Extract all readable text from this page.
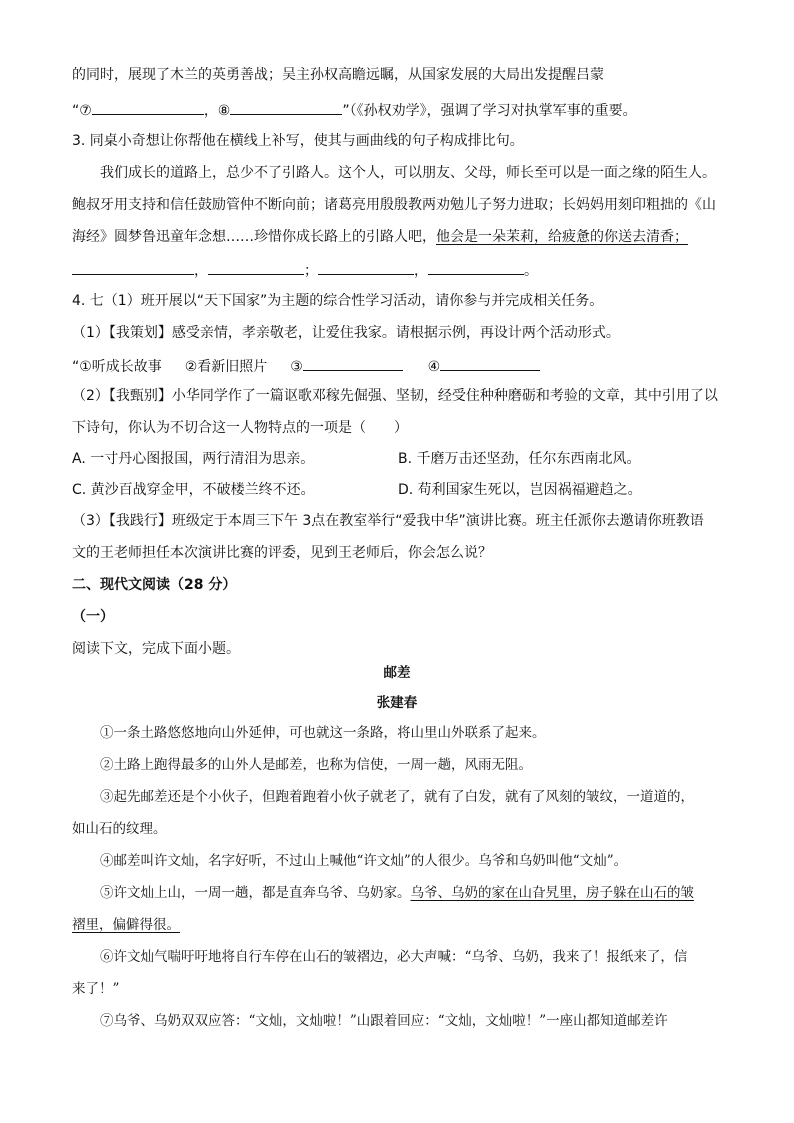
的同时，展现了木兰的英勇善战；吴主孙权高瞻远瞩，从国家发展的大局出发提醒吕蒙
“⑦	，⑧	”（《孙权劝学》，强调了学习对执掌军事的重要。
3. 同桌小奇想让你帮他在横线上补写，使其与画曲线的句子构成排比句。
我们成长的道路上，总少不了引路人。这个人，可以朋友、父母，师长至可以是一面之缘的陌生人。
鲍叔牙用支持和信任鼓励管仲不断向前；诸葛亮用殷殷教两劝勉儿子努力进取；长妈妈用刻印粗拙的《山
海经》圆梦鲁迅童年念想……珍惜你成长路上的引路人吧，他会是一朵茉莉，给疲惫的你送去清香；
，	；	，	。
4. 七（1）班开展以“天下国家”为主题的综合性学习活动，请你参与并完成相关任务。
（1）【我策划】感受亲情，孝亲敬老，让爱住我家。请根据示例，再设计两个活动形式。
“①听成长故事 ②看新旧照片 ③	④
（2）【我甄别】小华同学作了一篇讴歌邓稼先倔强、坚韧，经受住种种磨砺和考验的文章，其中引用了以
下诗句，你认为不切合这一人物特点的一项是（　　）
A. 一寸丹心图报国，两行清泪为思亲。	B. 千磨万击还坚劲，任尔东西南北风。
C. 黄沙百战穿金甲，不破楼兰终不还。	D. 苟利国家生死以，岂因祸福避趋之。
（3）【我践行】班级定于本周三下午 3点在教室举行“爱我中华”演讲比赛。班主任派你去邀请你班教语
文的王老师担任本次演讲比赛的评委，见到王老师后，你会怎么说？
二、现代文阅读（28 分）
（一）
阅读下文，完成下面小题。
邮差
张建春
①一条土路悠悠地向山外延伸，可也就这一条路，将山里山外联系了起来。
②土路上跑得最多的山外人是邮差，也称为信使，一周一趟，风雨无阻。
③起先邮差还是个小伙子，但跑着跑着小伙子就老了，就有了白发，就有了风刻的皱纹，一道道的，
如山石的纹理。
④邮差叫许文灿，名字好听，不过山上喊他“许文灿”的人很少。乌爷和乌奶叫他“文灿”。
⑤许文灿上山，一周一趟，都是直奔乌爷、乌奶家。乌爷、乌奶的家在山旮旯里，房子躲在山石的皱
褶里，偏僻得很。
⑥许文灿气喘吁吁地将自行车停在山石的皱褶边，必大声喊：“乌爷、乌奶，我来了！报纸来了，信
来了！”
⑦乌爷、乌奶双双应答：“文灿，文灿啦！”山跟着回应：“文灿，文灿啦！”一座山都知道邮差许
